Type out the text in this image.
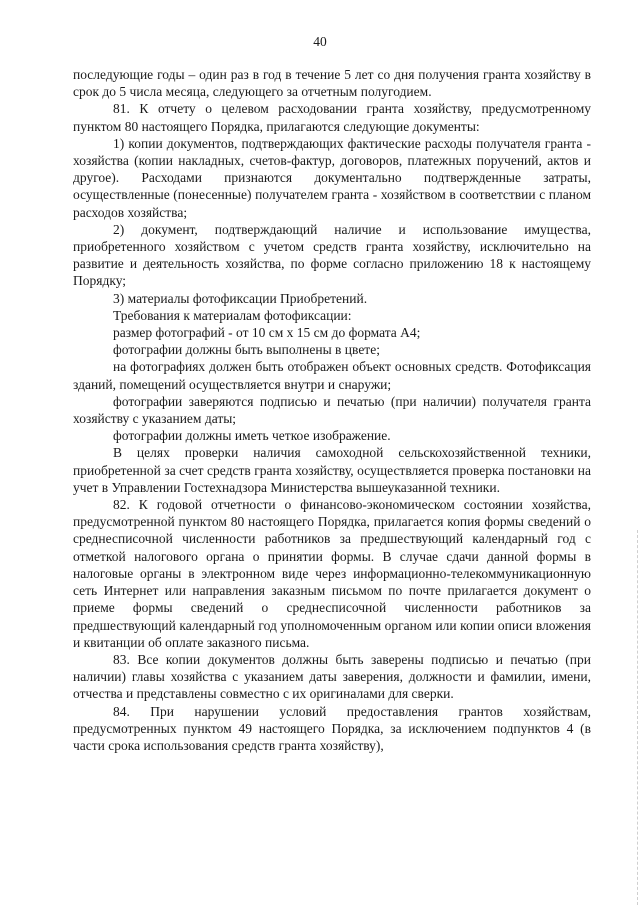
40

последующие годы – один раз в год в течение 5 лет со дня получения гранта хозяйству в срок до 5 числа месяца, следующего за отчетным полугодием.

81. К отчету о целевом расходовании гранта хозяйству, предусмотренному пунктом 80 настоящего Порядка, прилагаются следующие документы:

1) копии документов, подтверждающих фактические расходы получателя гранта - хозяйства (копии накладных, счетов-фактур, договоров, платежных поручений, актов и другое). Расходами признаются документально подтвержденные затраты, осуществленные (понесенные) получателем гранта - хозяйством в соответствии с планом расходов хозяйства;

2) документ, подтверждающий наличие и использование имущества, приобретенного хозяйством с учетом средств гранта хозяйству, исключительно на развитие и деятельность хозяйства, по форме согласно приложению 18 к настоящему Порядку;

3) материалы фотофиксации Приобретений.

Требования к материалам фотофиксации:

размер фотографий - от 10 см х 15 см до формата А4;

фотографии должны быть выполнены в цвете;

на фотографиях должен быть отображен объект основных средств. Фотофиксация зданий, помещений осуществляется внутри и снаружи;

фотографии заверяются подписью и печатью (при наличии) получателя гранта хозяйству с указанием даты;

фотографии должны иметь четкое изображение.

В целях проверки наличия самоходной сельскохозяйственной техники, приобретенной за счет средств гранта хозяйству, осуществляется проверка постановки на учет в Управлении Гостехнадзора Министерства вышеуказанной техники.

82. К годовой отчетности о финансово-экономическом состоянии хозяйства, предусмотренной пунктом 80 настоящего Порядка, прилагается копия формы сведений о среднесписочной численности работников за предшествующий календарный год с отметкой налогового органа о принятии формы. В случае сдачи данной формы в налоговые органы в электронном виде через информационно-телекоммуникационную сеть Интернет или направления заказным письмом по почте прилагается документ о приеме формы сведений о среднесписочной численности работников за предшествующий календарный год уполномоченным органом или копии описи вложения и квитанции об оплате заказного письма.

83. Все копии документов должны быть заверены подписью и печатью (при наличии) главы хозяйства с указанием даты заверения, должности и фамилии, имени, отчества и представлены совместно с их оригиналами для сверки.

84. При нарушении условий предоставления грантов хозяйствам, предусмотренных пунктом 49 настоящего Порядка, за исключением подпунктов 4 (в части срока использования средств гранта хозяйству),
